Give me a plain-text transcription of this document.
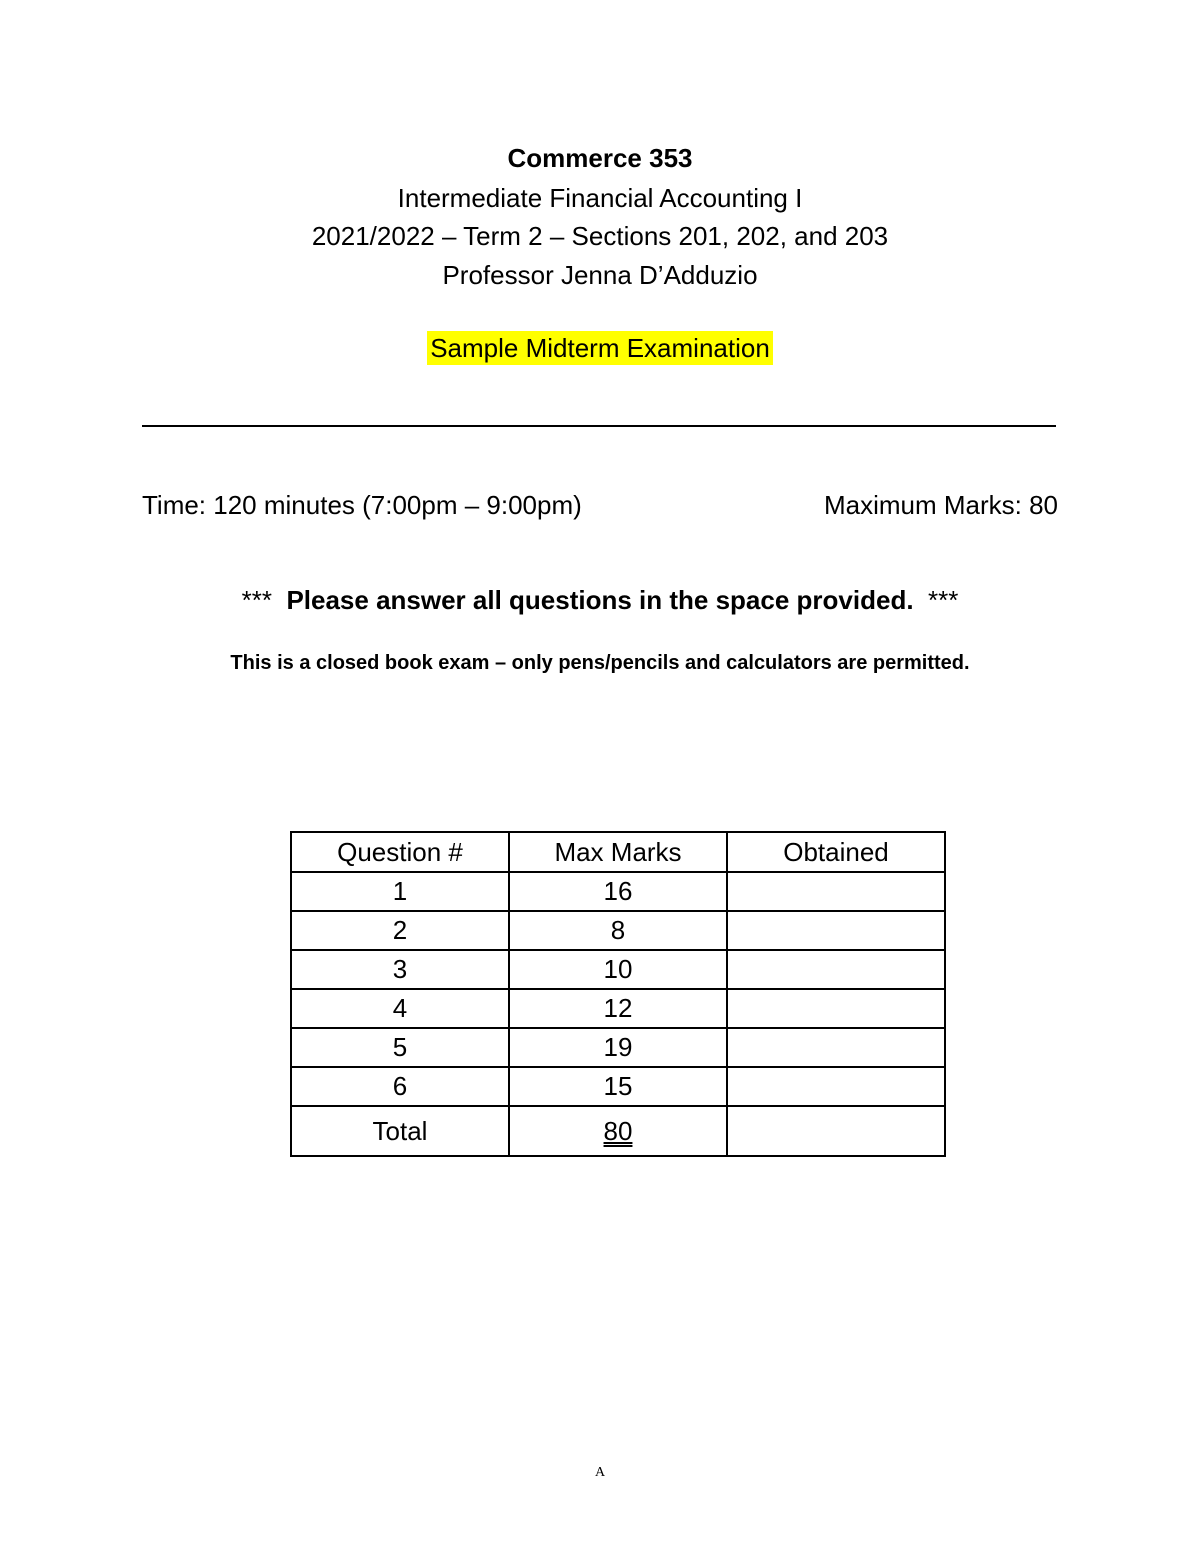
Commerce 353
Intermediate Financial Accounting I
2021/2022 – Term 2 – Sections 201, 202, and 203
Professor Jenna D’Adduzio
Sample Midterm Examination
Time: 120 minutes (7:00pm – 9:00pm)	Maximum Marks: 80
*** Please answer all questions in the space provided. ***
This is a closed book exam – only pens/pencils and calculators are permitted.
Question #	Max Marks	Obtained
1	16	
2	8	
3	10	
4	12	
5	19	
6	15	
Total	80	
A
